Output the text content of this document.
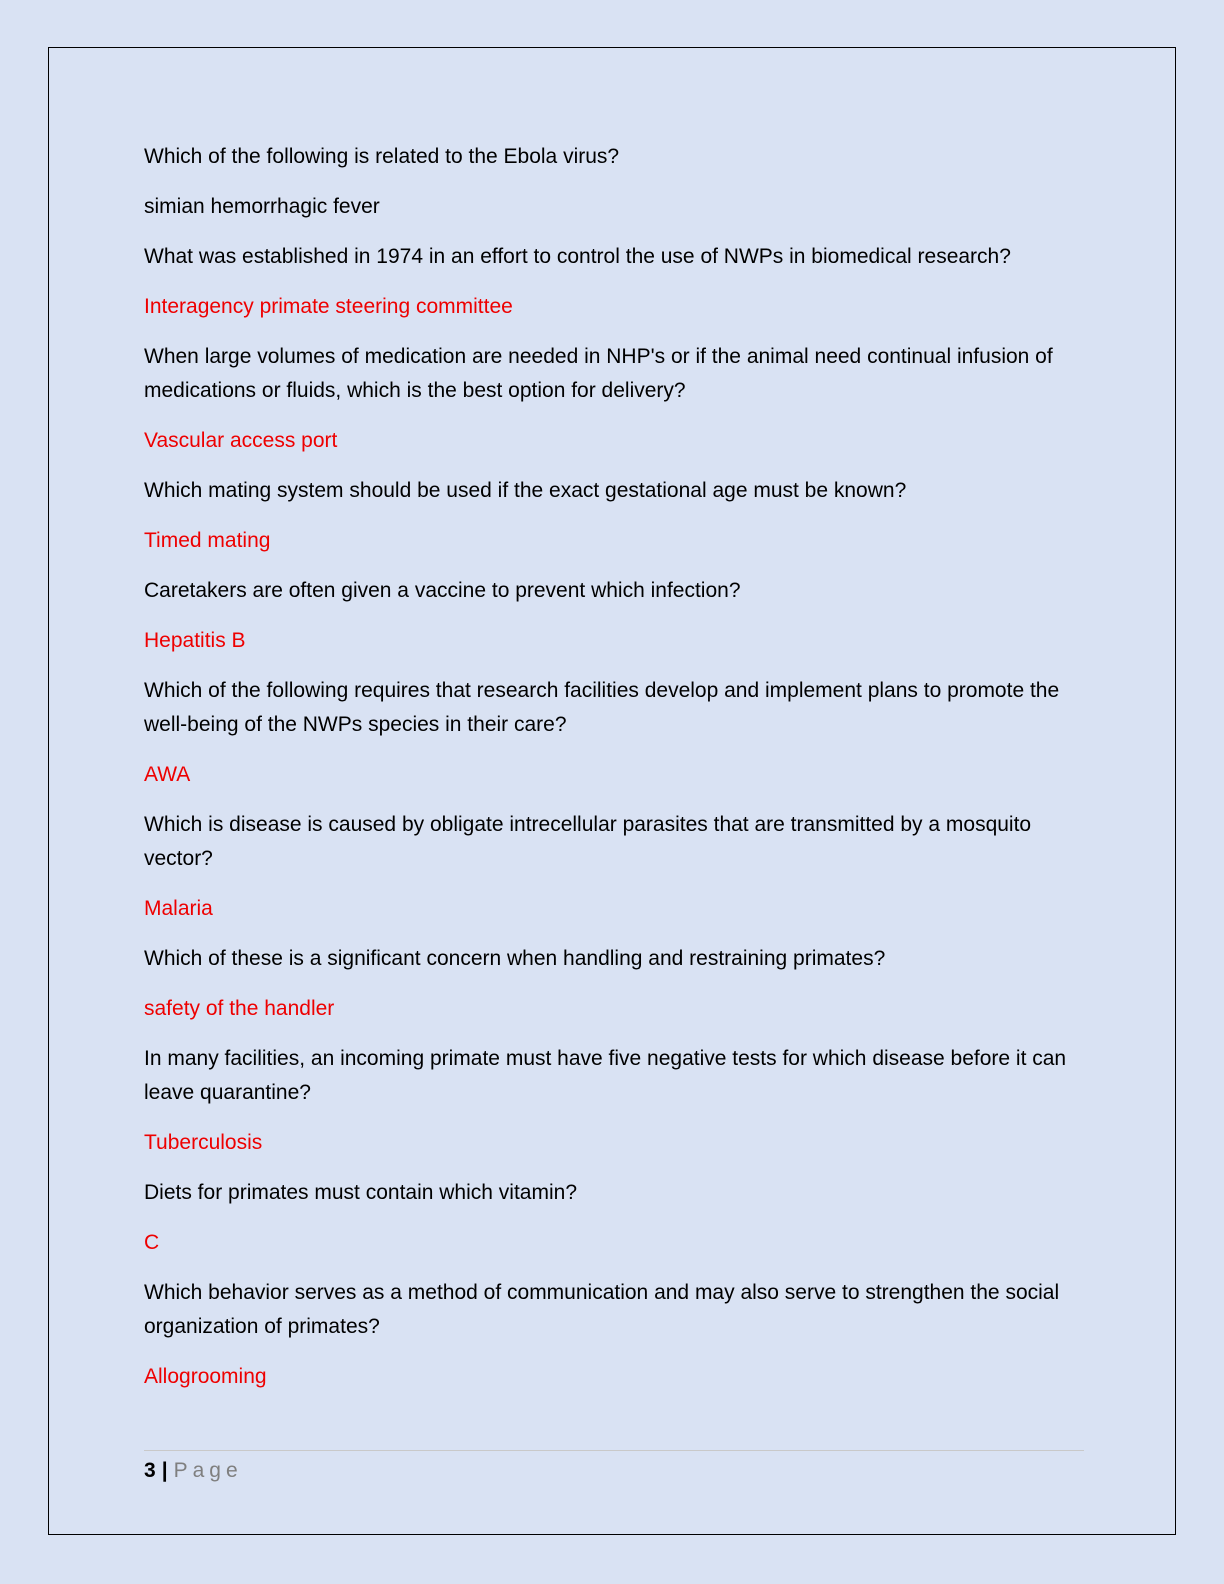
Which of the following is related to the Ebola virus?

simian hemorrhagic fever

What was established in 1974 in an effort to control the use of NWPs in biomedical research?

Interagency primate steering committee

When large volumes of medication are needed in NHP's or if the animal need continual infusion of medications or fluids, which is the best option for delivery?

Vascular access port

Which mating system should be used if the exact gestational age must be known?

Timed mating

Caretakers are often given a vaccine to prevent which infection?

Hepatitis B

Which of the following requires that research facilities develop and implement plans to promote the well-being of the NWPs species in their care?

AWA

Which is disease is caused by obligate intrecellular parasites that are transmitted by a mosquito vector?

Malaria

Which of these is a significant concern when handling and restraining primates?

safety of the handler

In many facilities, an incoming primate must have five negative tests for which disease before it can leave quarantine?

Tuberculosis

Diets for primates must contain which vitamin?

C

Which behavior serves as a method of communication and may also serve to strengthen the social organization of primates?

Allogrooming

3 | Page
